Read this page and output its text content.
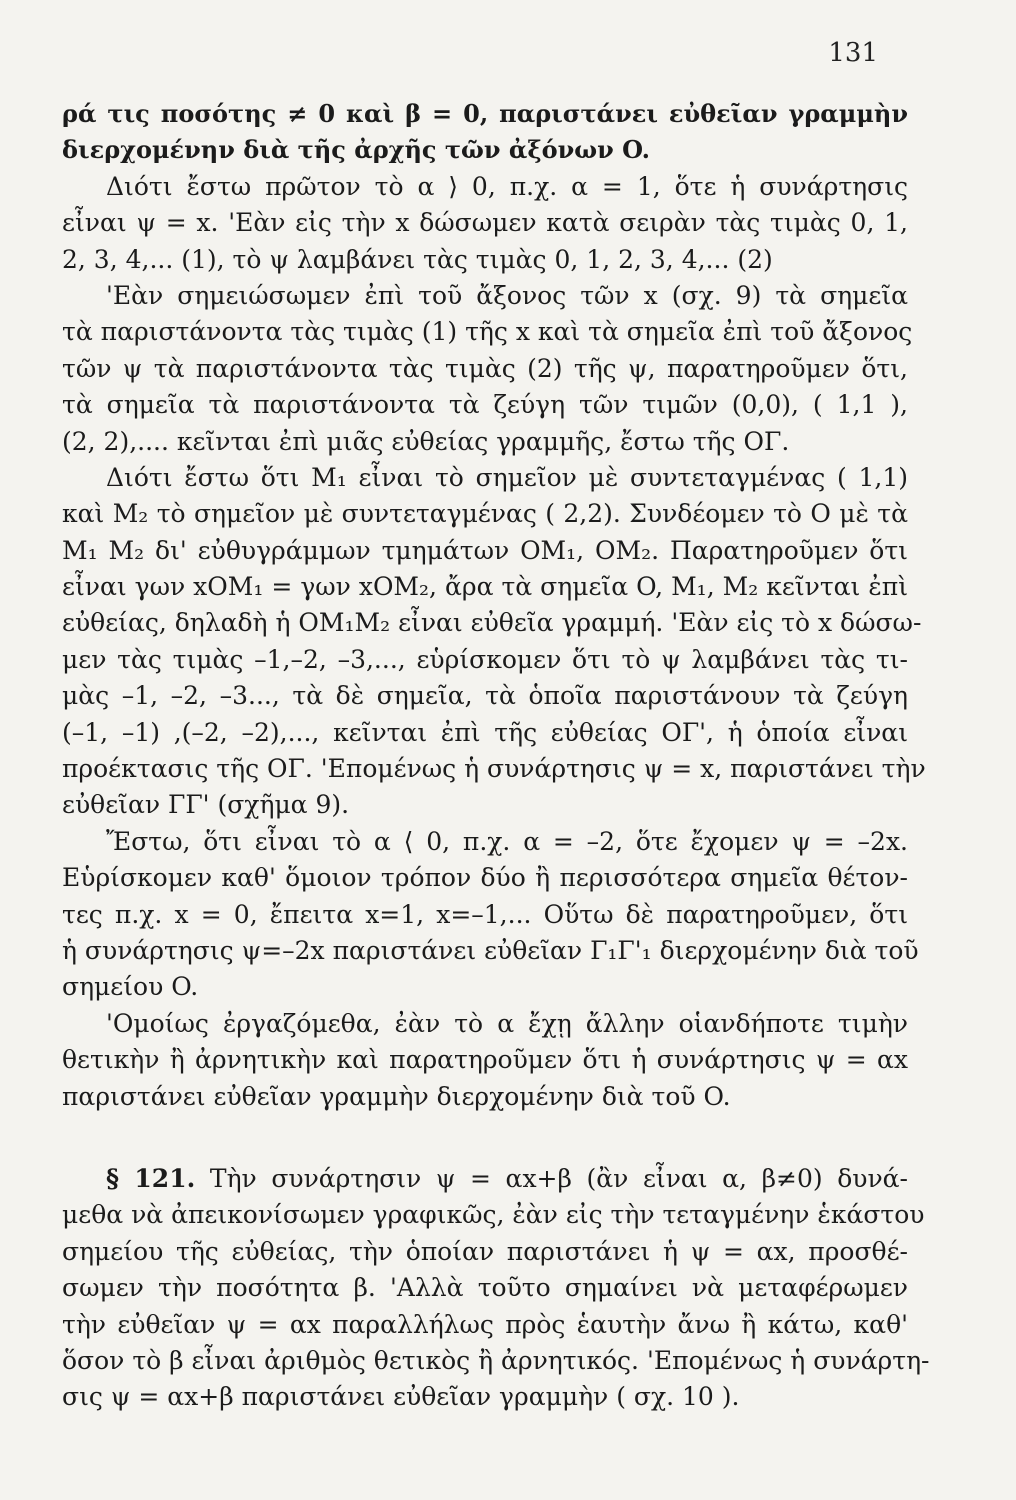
131
ρά τις ποσότης ≠ 0 καὶ β = 0, παριστάνει εὐθεῖαν γραμμὴν
διερχομένην διὰ τῆς ἀρχῆς τῶν ἀξόνων O.
Διότι ἔστω πρῶτον τὸ α ⟩ 0, π.χ. α = 1, ὅτε ἡ συνάρτησις
εἶναι ψ = x. 'Εὰν εἰς τὴν x δώσωμεν κατὰ σειρὰν τὰς τιμὰς 0, 1,
2, 3, 4,... (1), τὸ ψ λαμβάνει τὰς τιμὰς 0, 1, 2, 3, 4,... (2)
'Εὰν σημειώσωμεν ἐπὶ τοῦ ἄξονος τῶν x (σχ. 9) τὰ σημεῖα
τὰ παριστάνοντα τὰς τιμὰς (1) τῆς x καὶ τὰ σημεῖα ἐπὶ τοῦ ἄξονος
τῶν ψ τὰ παριστάνοντα τὰς τιμὰς (2) τῆς ψ, παρατηροῦμεν ὅτι,
τὰ σημεῖα τὰ παριστάνοντα τὰ ζεύγη τῶν τιμῶν (0,0), ( 1,1 ),
(2, 2),.... κεῖνται ἐπὶ μιᾶς εὐθείας γραμμῆς, ἔστω τῆς OΓ.
Διότι ἔστω ὅτι M₁ εἶναι τὸ σημεῖον μὲ συντεταγμένας ( 1,1)
καὶ M₂ τὸ σημεῖον μὲ συντεταγμένας ( 2,2). Συνδέομεν τὸ O μὲ τὰ
M₁ M₂ δι' εὐθυγράμμων τμημάτων OM₁, OM₂. Παρατηροῦμεν ὅτι
εἶναι γων xOM₁ = γων xOM₂, ἄρα τὰ σημεῖα O, M₁, M₂ κεῖνται ἐπὶ
εὐθείας, δηλαδὴ ἡ OM₁M₂ εἶναι εὐθεῖα γραμμή. 'Εὰν εἰς τὸ x δώσω-
μεν τὰς τιμὰς –1,–2, –3,..., εὑρίσκομεν ὅτι τὸ ψ λαμβάνει τὰς τι-
μὰς –1, –2, –3..., τὰ δὲ σημεῖα, τὰ ὁποῖα παριστάνουν τὰ ζεύγη
(–1, –1) ,(–2, –2),..., κεῖνται ἐπὶ τῆς εὐθείας OΓ', ἡ ὁποία εἶναι
προέκτασις τῆς OΓ. 'Επομένως ἡ συνάρτησις ψ = x, παριστάνει τὴν
εὐθεῖαν ΓΓ' (σχῆμα 9).
Ἔστω, ὅτι εἶναι τὸ α ⟨ 0, π.χ. α = –2, ὅτε ἔχομεν ψ = –2x.
Εὑρίσκομεν καθ' ὅμοιον τρόπον δύο ἢ περισσότερα σημεῖα θέτον-
τες π.χ. x = 0, ἔπειτα x=1, x=–1,... Οὕτω δὲ παρατηροῦμεν, ὅτι
ἡ συνάρτησις ψ=–2x παριστάνει εὐθεῖαν Γ₁Γ'₁ διερχομένην διὰ τοῦ
σημείου O.
'Ομοίως ἐργαζόμεθα, ἐὰν τὸ α ἔχῃ ἄλλην οἱανδήποτε τιμὴν
θετικὴν ἢ ἀρνητικὴν καὶ παρατηροῦμεν ὅτι ἡ συνάρτησις ψ = αx
παριστάνει εὐθεῖαν γραμμὴν διερχομένην διὰ τοῦ O.
§ 121. Τὴν συνάρτησιν ψ = αx+β (ἂν εἶναι α, β≠0) δυνά-
μεθα νὰ ἀπεικονίσωμεν γραφικῶς, ἐὰν εἰς τὴν τεταγμένην ἑκάστου
σημείου τῆς εὐθείας, τὴν ὁποίαν παριστάνει ἡ ψ = αx, προσθέ-
σωμεν τὴν ποσότητα β. 'Αλλὰ τοῦτο σημαίνει νὰ μεταφέρωμεν
τὴν εὐθεῖαν ψ = αx παραλλήλως πρὸς ἑαυτὴν ἄνω ἢ κάτω, καθ'
ὅσον τὸ β εἶναι ἀριθμὸς θετικὸς ἢ ἀρνητικός. 'Επομένως ἡ συνάρτη-
σις ψ = αx+β παριστάνει εὐθεῖαν γραμμὴν ( σχ. 10 ).
